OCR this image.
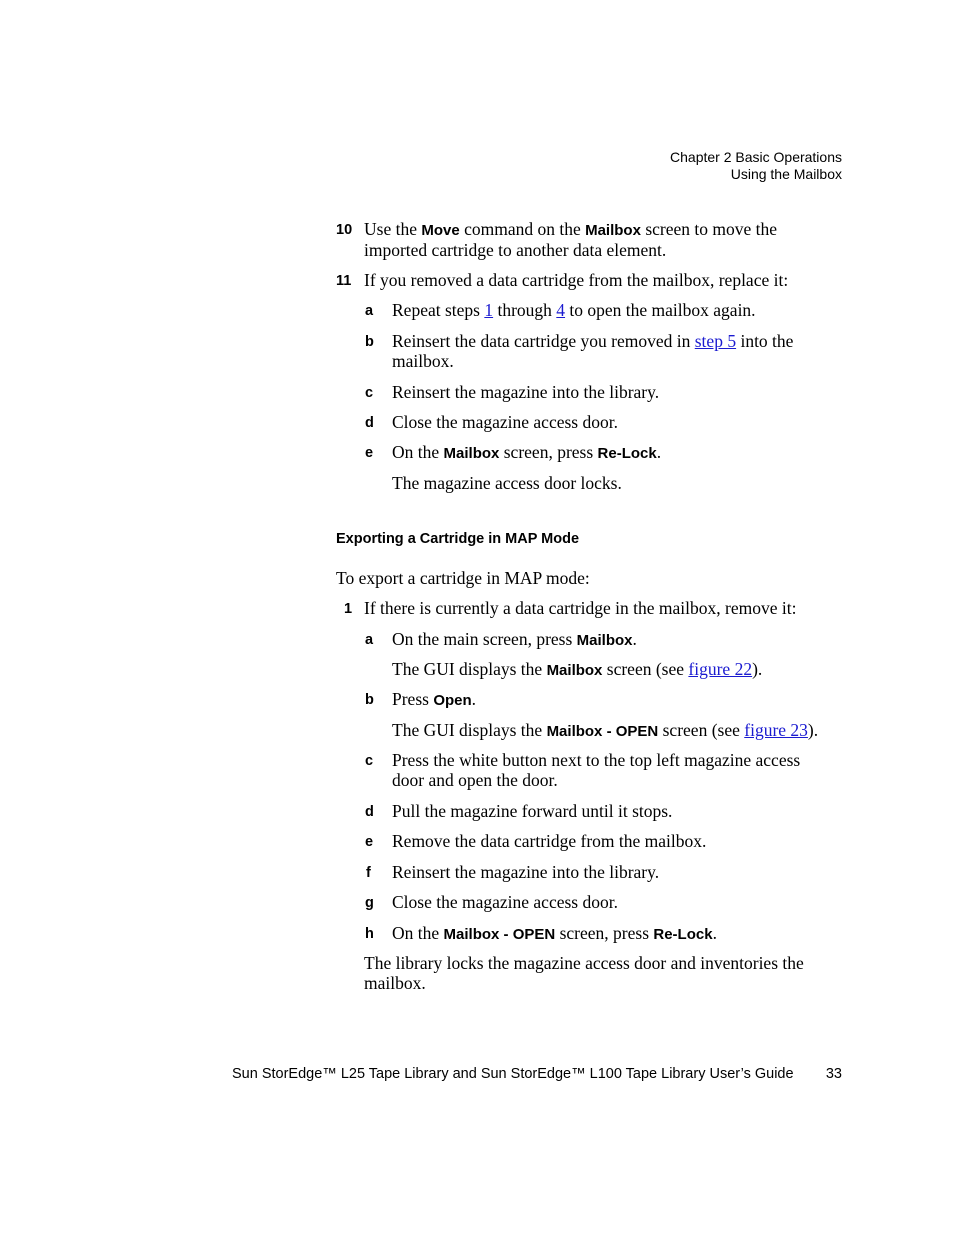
Chapter 2 Basic Operations
Using the Mailbox
10 Use the Move command on the Mailbox screen to move the
imported cartridge to another data element.
11 If you removed a data cartridge from the mailbox, replace it:
a Repeat steps 1 through 4 to open the mailbox again.
b Reinsert the data cartridge you removed in step 5 into the
mailbox.
c Reinsert the magazine into the library.
d Close the magazine access door.
e On the Mailbox screen, press Re-Lock.
The magazine access door locks.
Exporting a Cartridge in MAP Mode
To export a cartridge in MAP mode:
1 If there is currently a data cartridge in the mailbox, remove it:
a On the main screen, press Mailbox.
The GUI displays the Mailbox screen (see figure 22).
b Press Open.
The GUI displays the Mailbox - OPEN screen (see figure 23).
c Press the white button next to the top left magazine access
door and open the door.
d Pull the magazine forward until it stops.
e Remove the data cartridge from the mailbox.
f Reinsert the magazine into the library.
g Close the magazine access door.
h On the Mailbox - OPEN screen, press Re-Lock.
The library locks the magazine access door and inventories the
mailbox.
Sun StorEdge™ L25 Tape Library and Sun StorEdge™ L100 Tape Library User’s Guide 33
